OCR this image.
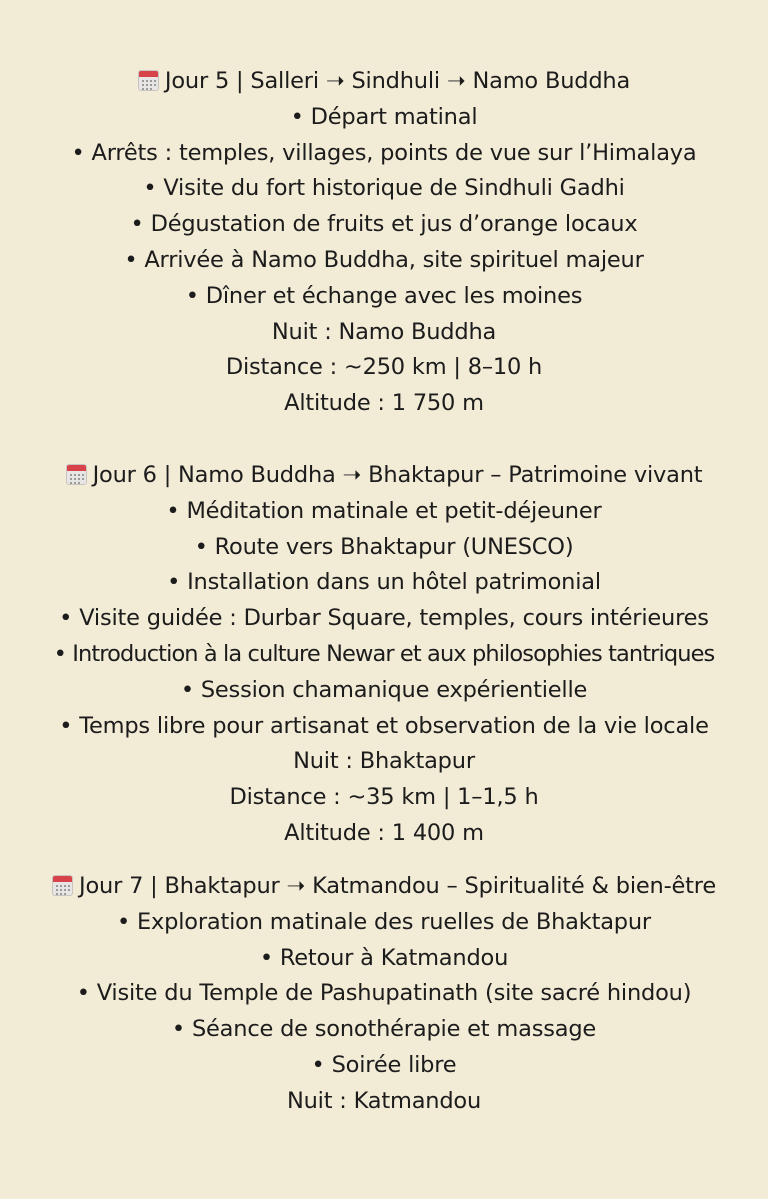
Jour 5 | Salleri ➝ Sindhuli ➝ Namo Buddha
• Départ matinal
• Arrêts : temples, villages, points de vue sur l’Himalaya
• Visite du fort historique de Sindhuli Gadhi
• Dégustation de fruits et jus d’orange locaux
• Arrivée à Namo Buddha, site spirituel majeur
• Dîner et échange avec les moines
Nuit : Namo Buddha
Distance : ~250 km | 8–10 h
Altitude : 1 750 m
Jour 6 | Namo Buddha ➝ Bhaktapur – Patrimoine vivant
• Méditation matinale et petit-déjeuner
• Route vers Bhaktapur (UNESCO)
• Installation dans un hôtel patrimonial
• Visite guidée : Durbar Square, temples, cours intérieures
• Introduction à la culture Newar et aux philosophies tantriques
• Session chamanique expérientielle
• Temps libre pour artisanat et observation de la vie locale
Nuit : Bhaktapur
Distance : ~35 km | 1–1,5 h
Altitude : 1 400 m
Jour 7 | Bhaktapur ➝ Katmandou – Spiritualité & bien-être
• Exploration matinale des ruelles de Bhaktapur
• Retour à Katmandou
• Visite du Temple de Pashupatinath (site sacré hindou)
• Séance de sonothérapie et massage
• Soirée libre
Nuit : Katmandou
